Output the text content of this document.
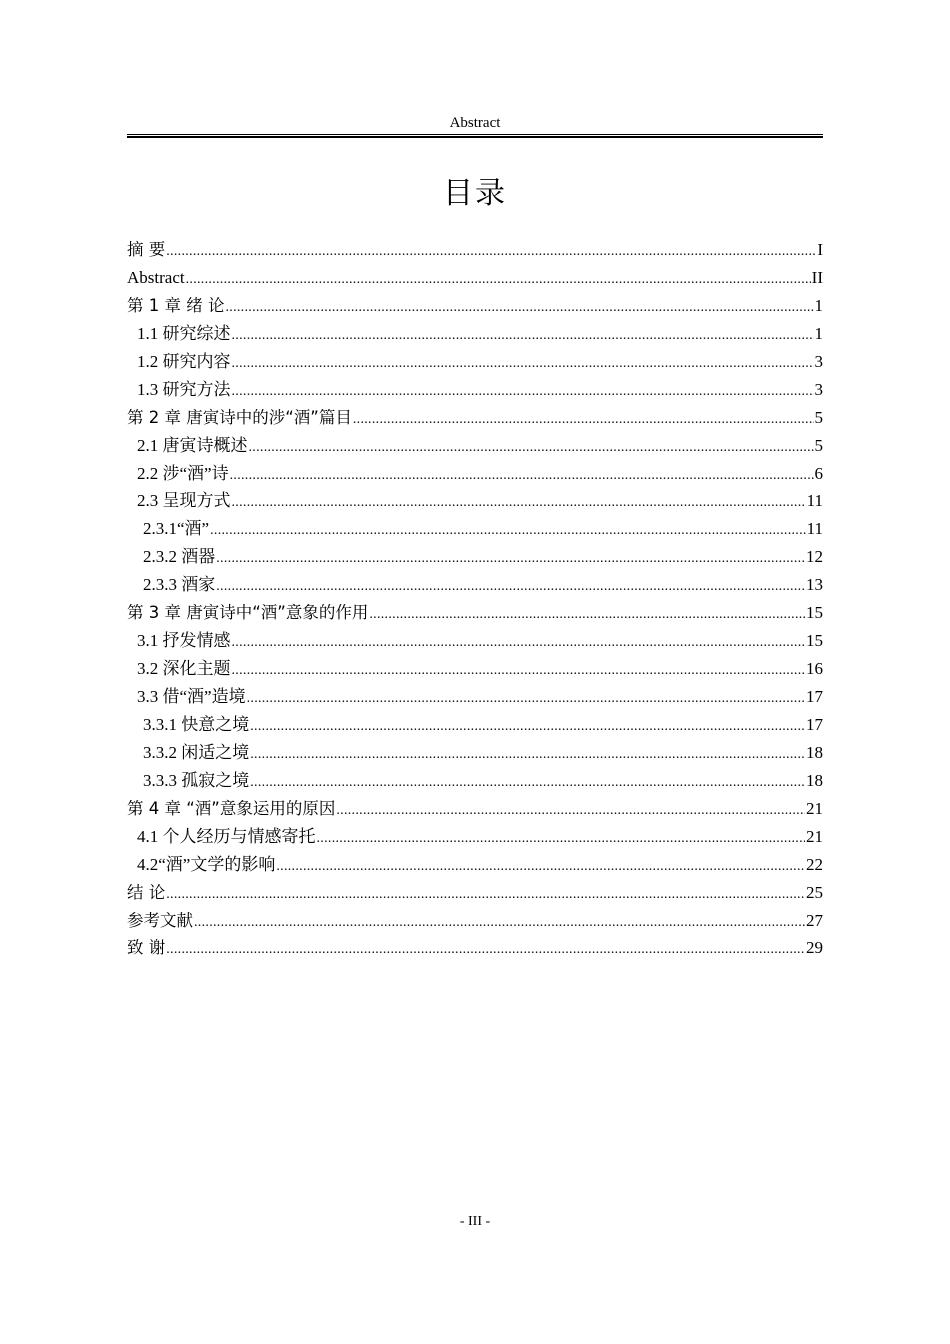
Abstract
目录
摘 要 .....	I
Abstract .....	II
第 1 章 绪 论 .....	1
1.1 研究综述 .....	1
1.2 研究内容 .....	3
1.3 研究方法 .....	3
第 2 章 唐寅诗中的涉“酒”篇目 .....	5
2.1 唐寅诗概述 .....	5
2.2 涉“酒”诗 .....	6
2.3 呈现方式 .....	11
2.3.1“酒” .....	11
2.3.2 酒器 .....	12
2.3.3 酒家 .....	13
第 3 章 唐寅诗中“酒”意象的作用 .....	15
3.1 抒发情感 .....	15
3.2 深化主题 .....	16
3.3 借“酒”造境 .....	17
3.3.1 快意之境 .....	17
3.3.2 闲适之境 .....	18
3.3.3 孤寂之境 .....	18
第 4 章 “酒”意象运用的原因 .....	21
4.1 个人经历与情感寄托 .....	21
4.2“酒”文学的影响 .....	22
结 论 .....	25
参考文献 .....	27
致 谢 .....	29
- III -
